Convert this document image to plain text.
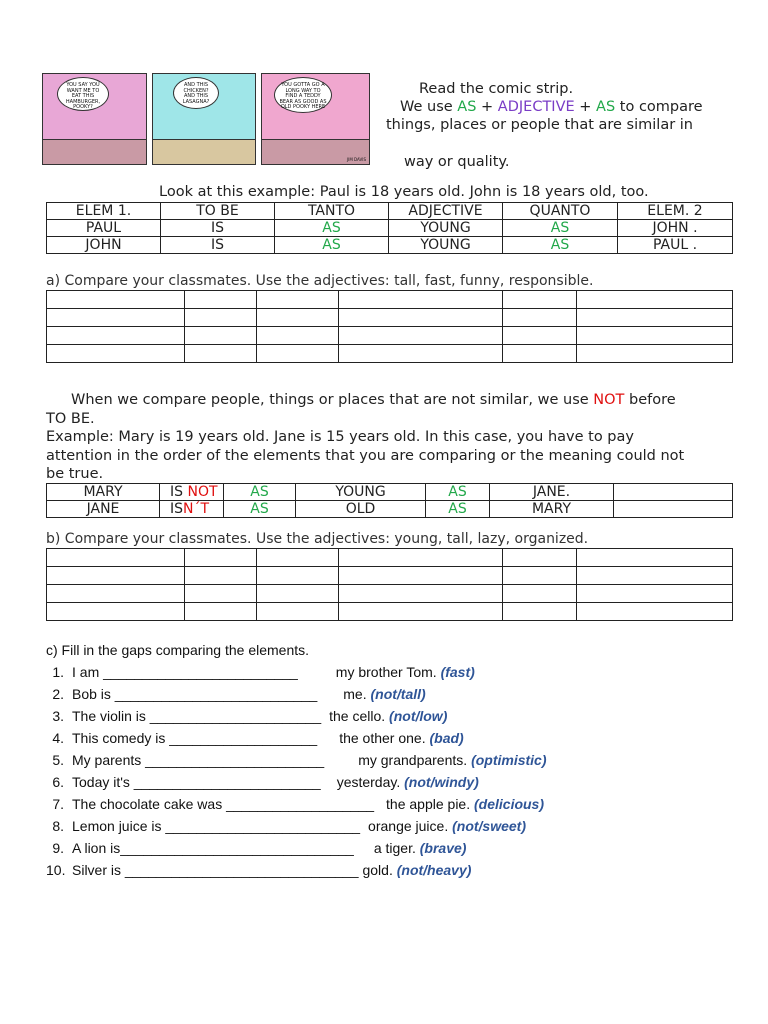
YOU SAY YOU WANT ME TO EAT THIS HAMBURGER, POOKY?
AND THIS CHICKEN? AND THIS LASAGNA?
YOU GOTTA GO A LONG WAY TO FIND A TEDDY BEAR AS GOOD AS OLD POOKY HERE
JIM DAVIS
Read the comic strip.
We use AS + ADJECTIVE + AS to compare
things, places or people that are similar in
way or quality.
Look at this example: Paul is 18 years old. John is 18 years old, too.
ELEM 1.	TO BE	TANTO	ADJECTIVE	QUANTO	ELEM. 2
PAUL	IS	AS	YOUNG	AS	JOHN .
JOHN	IS	AS	YOUNG	AS	PAUL .
a) Compare your classmates. Use the adjectives: tall, fast, funny, responsible.

When we compare people, things or places that are not similar, we use NOT before
TO BE.
Example: Mary is 19 years old. Jane is 15 years old. In this case, you have to pay
attention in the order of the elements that you are comparing or the meaning could not
be true.
MARY	IS NOT	AS	YOUNG	AS	JANE.	
JANE	ISN´T	AS	OLD	AS	MARY	
b) Compare your classmates. Use the adjectives: young, tall, lazy, organized.

c) Fill in the gaps comparing the elements.
1. I am _________________________	my brother Tom. (fast)
2. Bob is __________________________ me. (not/tall)
3. The violin is ______________________ the cello. (not/low)
4. This comedy is ___________________ the other one. (bad)
5. My parents _______________________ my grandparents. (optimistic)
6. Today it's ________________________ yesterday. (not/windy)
7. The chocolate cake was ___________________ the apple pie. (delicious)
8. Lemon juice is _________________________ orange juice. (not/sweet)
9. A lion is______________________________ a tiger. (brave)
10. Silver is ______________________________ gold. (not/heavy)
